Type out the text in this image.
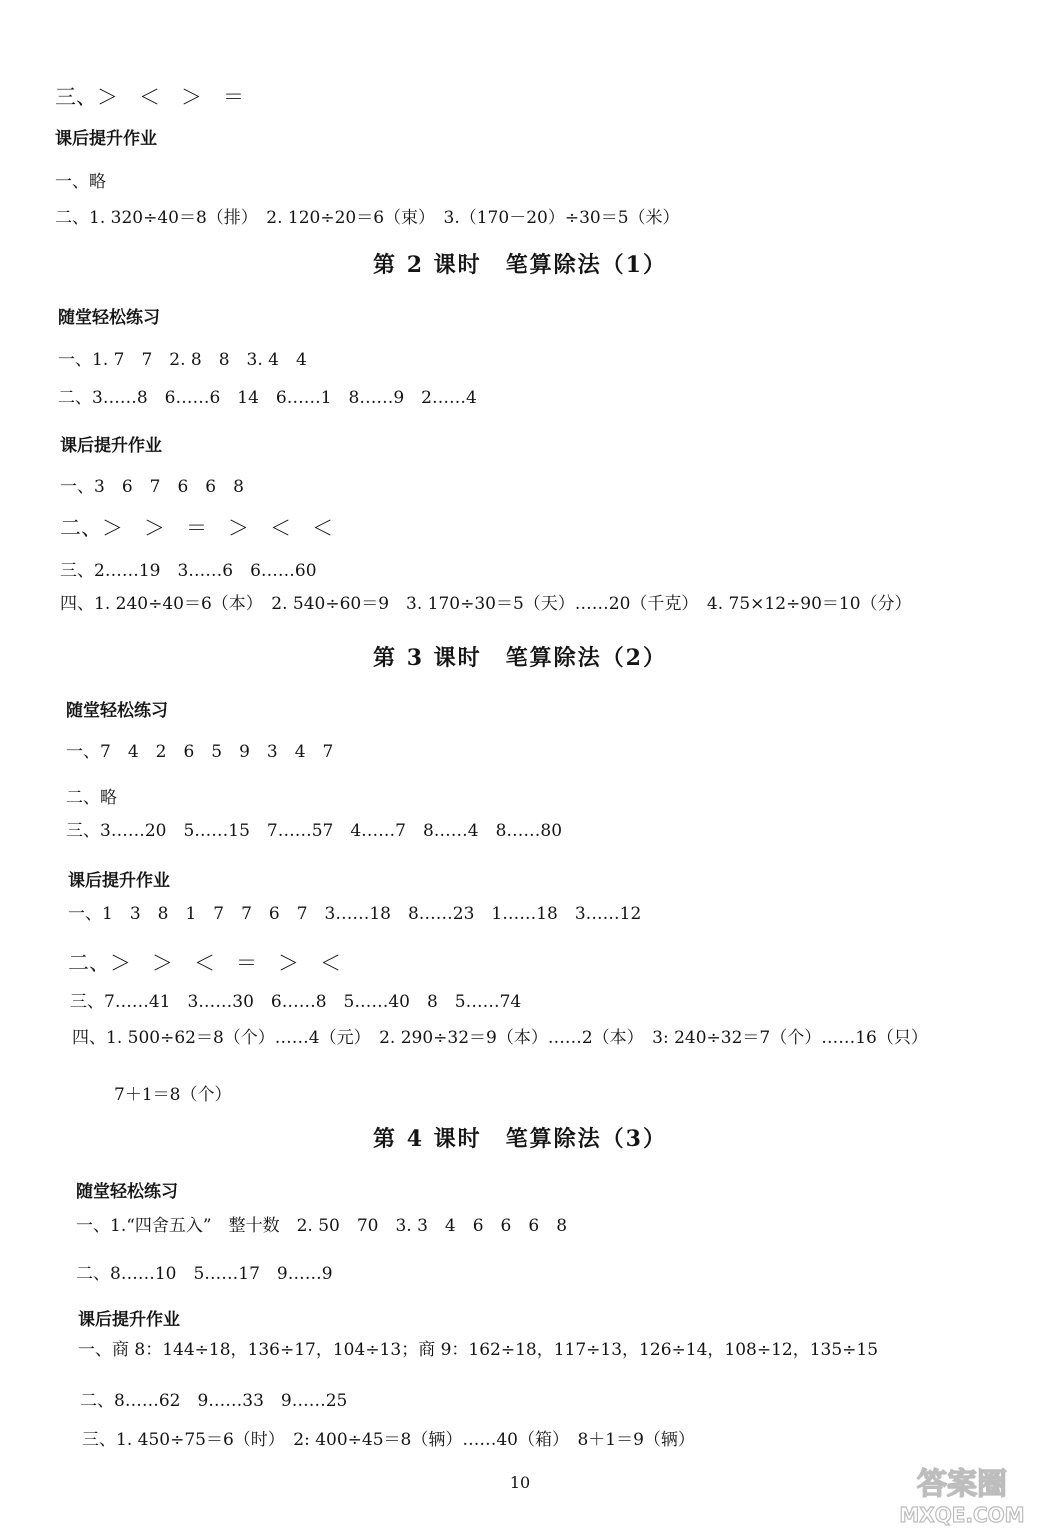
三、＞　＜　＞　＝
课后提升作业
一、略
二、1. 320÷40＝8（排）　2. 120÷20＝6（束）　3.（170－20）÷30＝5（米）
第 2 课时　笔算除法（1）
随堂轻松练习
一、1. 7　7　2. 8　8　3. 4　4
二、3……8　6……6　14　6……1　8……9　2……4
课后提升作业
一、3　6　7　6　6　8
二、＞　＞　＝　＞　＜　＜
三、2……19　3……6　6……60
四、1. 240÷40＝6（本）　2. 540÷60＝9　3. 170÷30＝5（天）……20（千克）　4. 75×12÷90＝10（分）
第 3 课时　笔算除法（2）
随堂轻松练习
一、7　4　2　6　5　9　3　4　7
二、略
三、3……20　5……15　7……57　4……7　8……4　8……80
课后提升作业
一、1　3　8　1　7　7　6　7　3……18　8……23　1……18　3……12
二、＞　＞　＜　＝　＞　＜
三、7……41　3……30　6……8　5……40　8　5……74
四、1. 500÷62＝8（个）……4（元）　2. 290÷32＝9（本）……2（本）　3: 240÷32＝7（个）……16（只）
7＋1＝8（个）
第 4 课时　笔算除法（3）
随堂轻松练习
一、1.“四舍五入”　整十数　2. 50　70　3. 3　4　6　6　6　8
二、8……10　5……17　9……9
课后提升作业
一、商 8：144÷18，136÷17，104÷13；商 9：162÷18，117÷13，126÷14，108÷12，135÷15
二、8……62　9……33　9……25
三、1. 450÷75＝6（时）　2: 400÷45＝8（辆）……40（箱）　8＋1＝9（辆）
10	答案圈
MXQE.COM
